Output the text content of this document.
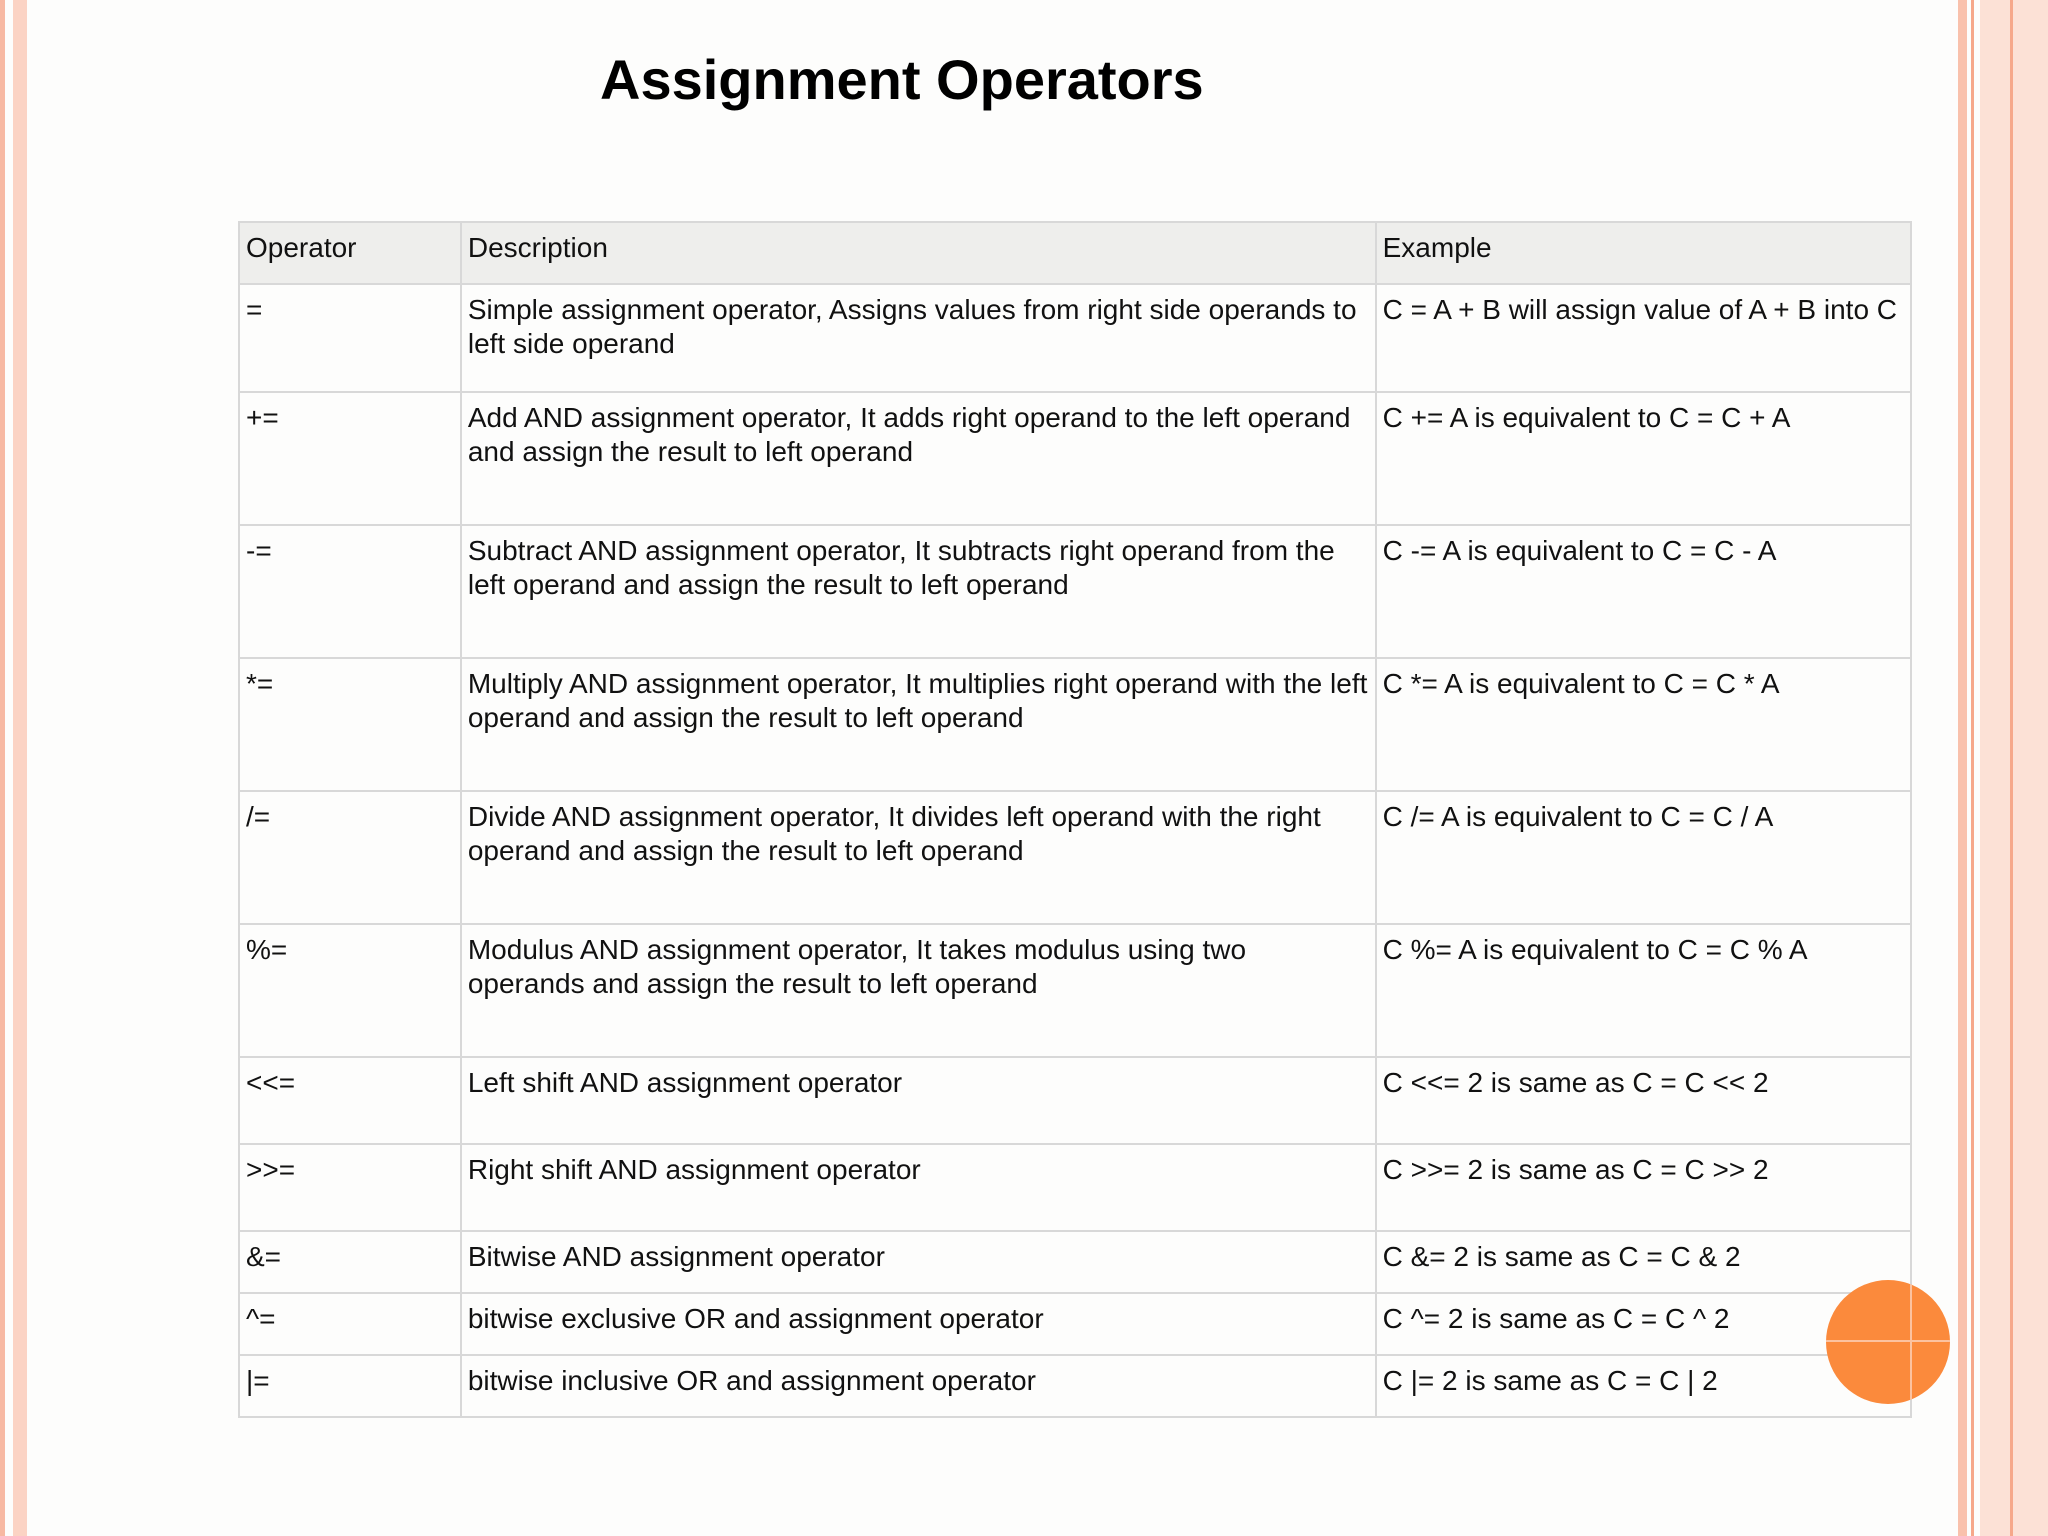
Assignment Operators
Operator	Description	Example
=	Simple assignment operator, Assigns values from right side operands to left side operand	C = A + B will assign value of A + B into C
+=	Add AND assignment operator, It adds right operand to the left operand and assign the result to left operand	C += A is equivalent to C = C + A
-=	Subtract AND assignment operator, It subtracts right operand from the left operand and assign the result to left operand	C -= A is equivalent to C = C - A
*=	Multiply AND assignment operator, It multiplies right operand with the left operand and assign the result to left operand	C *= A is equivalent to C = C * A
/=	Divide AND assignment operator, It divides left operand with the right operand and assign the result to left operand	C /= A is equivalent to C = C / A
%=	Modulus AND assignment operator, It takes modulus using two operands and assign the result to left operand	C %= A is equivalent to C = C % A
<<=	Left shift AND assignment operator	C <<= 2 is same as C = C << 2
>>=	Right shift AND assignment operator	C >>= 2 is same as C = C >> 2
&=	Bitwise AND assignment operator	C &= 2 is same as C = C & 2
^=	bitwise exclusive OR and assignment operator	C ^= 2 is same as C = C ^ 2
|=	bitwise inclusive OR and assignment operator	C |= 2 is same as C = C | 2
